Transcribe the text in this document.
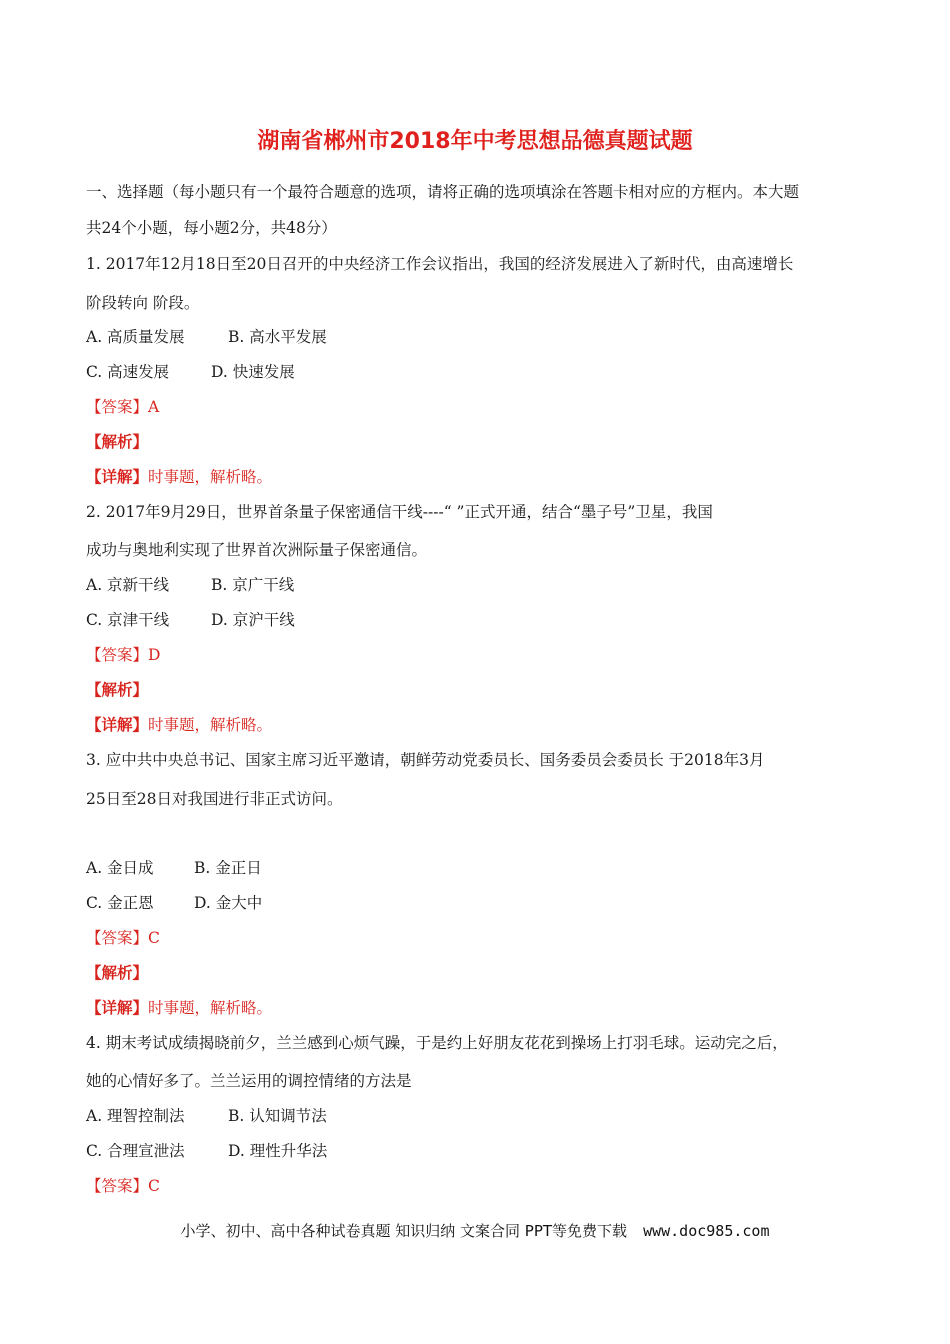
湖南省郴州市2018年中考思想品德真题试题
一、选择题（每小题只有一个最符合题意的选项，请将正确的选项填涂在答题卡相对应的方框内。本大题
共24个小题，每小题2分，共48分）
1. 2017年12月18日至20日召开的中央经济工作会议指出，我国的经济发展进入了新时代，由高速增长
阶段转向 阶段。
A. 高质量发展	B. 高水平发展
C. 高速发展	D. 快速发展
【答案】A
【解析】
【详解】时事题，解析略。
2. 2017年9月29日，世界首条量子保密通信干线----“ ”正式开通，结合“墨子号”卫星，我国
成功与奥地利实现了世界首次洲际量子保密通信。
A. 京新干线	B. 京广干线
C. 京津干线	D. 京沪干线
【答案】D
【解析】
【详解】时事题，解析略。
3. 应中共中央总书记、国家主席习近平邀请，朝鲜劳动党委员长、国务委员会委员长 于2018年3月
25日至28日对我国进行非正式访问。
A. 金日成	B. 金正日
C. 金正恩	D. 金大中
【答案】C
【解析】
【详解】时事题，解析略。
4. 期末考试成绩揭晓前夕，兰兰感到心烦气躁，于是约上好朋友花花到操场上打羽毛球。运动完之后，
她的心情好多了。兰兰运用的调控情绪的方法是
A. 理智控制法	B. 认知调节法
C. 合理宣泄法	D. 理性升华法
【答案】C
小学、初中、高中各种试卷真题 知识归纳 文案合同 PPT等免费下载 www.doc985.com
